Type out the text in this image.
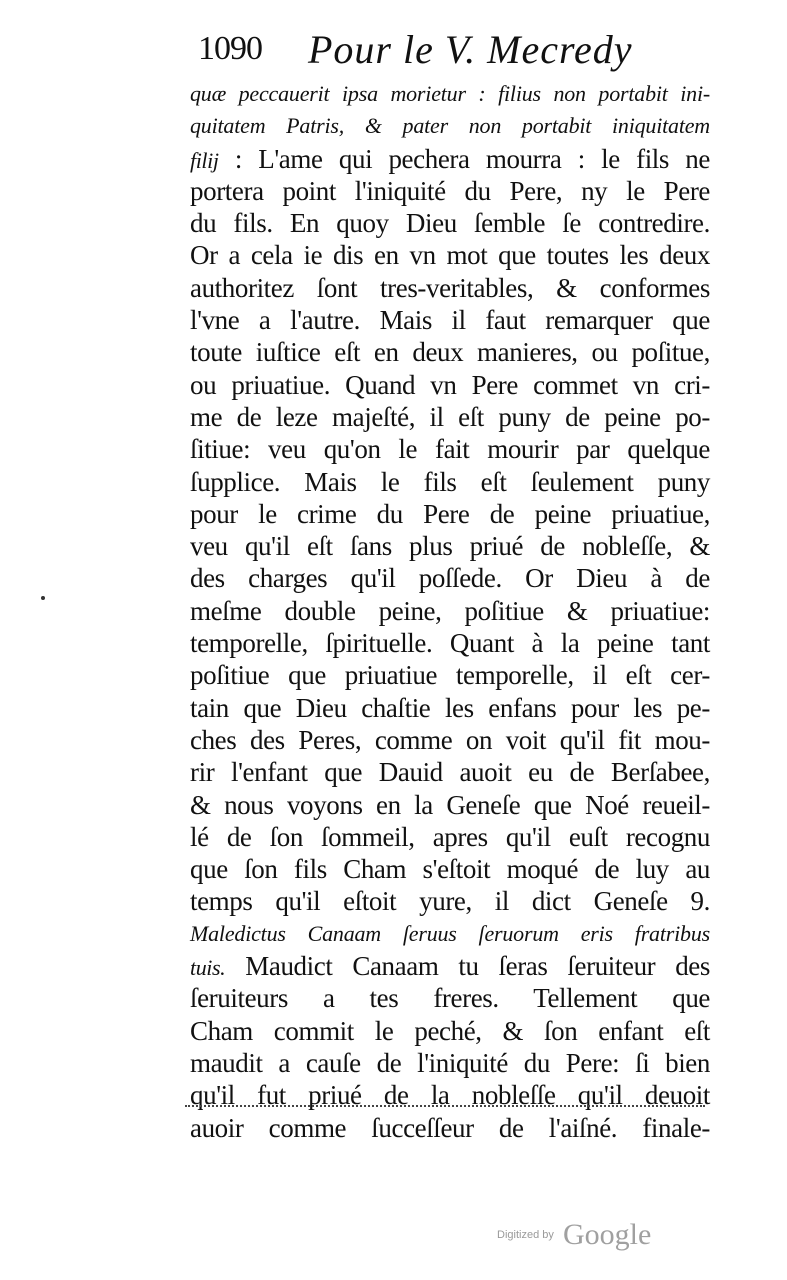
1090 Pour le V. Mecredy
quæ peccauerit ipsa morietur : filius non portabit ini-
quitatem Patris, & pater non portabit iniquitatem
filij : L'ame qui pechera mourra : le fils ne
portera point l'iniquité du Pere, ny le Pere
du fils. En quoy Dieu ſemble ſe contredire.
Or a cela ie dis en vn mot que toutes les deux
authoritez ſont tres-veritables, & conformes
l'vne a l'autre. Mais il faut remarquer que
toute iuſtice eſt en deux manieres, ou poſitue,
ou priuatiue. Quand vn Pere commet vn cri-
me de leze majeſté, il eſt puny de peine po-
ſitiue: veu qu'on le fait mourir par quelque
ſupplice. Mais le fils eſt ſeulement puny
pour le crime du Pere de peine priuatiue,
veu qu'il eſt ſans plus priué de nobleſſe, &
des charges qu'il poſſede. Or Dieu à de
meſme double peine, poſitiue & priuatiue:
temporelle, ſpirituelle. Quant à la peine tant
poſitiue que priuatiue temporelle, il eſt cer-
tain que Dieu chaſtie les enfans pour les pe-
ches des Peres, comme on voit qu'il fit mou-
rir l'enfant que Dauid auoit eu de Berſabee,
& nous voyons en la Geneſe que Noé reueil-
lé de ſon ſommeil, apres qu'il euſt recognu
que ſon fils Cham s'eſtoit moqué de luy au
temps qu'il eſtoit yure, il dict Geneſe 9.
Maledictus Canaam ſeruus ſeruorum eris fratribus
tuis. Maudict Canaam tu ſeras ſeruiteur des
ſeruiteurs a tes freres. Tellement que
Cham commit le peché, & ſon enfant eſt
maudit a cauſe de l'iniquité du Pere: ſi bien
qu'il fut priué de la nobleſſe qu'il deuoit
auoir comme ſucceſſeur de l'aiſné. finale-
Digitized by Google
